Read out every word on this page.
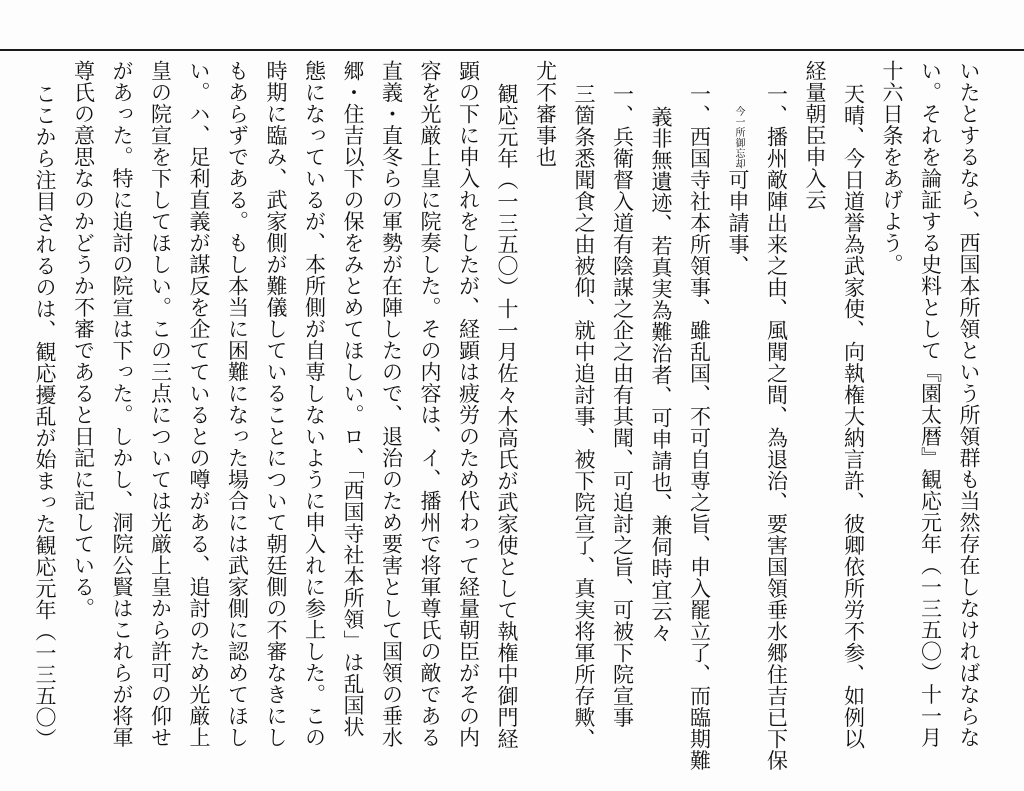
いたとするなら、西国本所領という所領群も当然存在しなければならな
い。それを論証する史料として『園太暦』観応元年（一三五〇）十一月
十六日条をあげよう。
天晴、今日道誉為武家使、向執権大納言許、彼卿依所労不参、如例以
経量朝臣申入云
一、播州敵陣出来之由、風聞之間、為退治、要害国領垂水郷住吉已下保
今一所御忘却可申請事、
一、西国寺社本所領事、雖乱国、不可自専之旨、申入罷立了、而臨期難
義非無遺迹、若真実為難治者、可申請也、兼伺時宜云々
一、兵衛督入道有陰謀之企之由有其聞、可追討之旨、可被下院宣事
三箇条悉聞食之由被仰、就中追討事、被下院宣了、真実将軍所存歟、
尤不審事也
観応元年（一三五〇）十一月佐々木高氏が武家使として執権中御門経
顕の下に申入れをしたが、経顕は疲労のため代わって経量朝臣がその内
容を光厳上皇に院奏した。その内容は、イ、播州で将軍尊氏の敵である
直義・直冬らの軍勢が在陣したので、退治のため要害として国領の垂水
郷・住吉以下の保をみとめてほしい。ロ、「西国寺社本所領」は乱国状
態になっているが、本所側が自専しないように申入れに参上した。この
時期に臨み、武家側が難儀していることについて朝廷側の不審なきにし
もあらずである。もし本当に困難になった場合には武家側に認めてほし
い。ハ、足利直義が謀反を企てているとの噂がある、追討のため光厳上
皇の院宣を下してほしい。この三点については光厳上皇から許可の仰せ
があった。特に追討の院宣は下った。しかし、洞院公賢はこれらが将軍
尊氏の意思なのかどうか不審であると日記に記している。
ここから注目されるのは、観応擾乱が始まった観応元年（一三五〇）
